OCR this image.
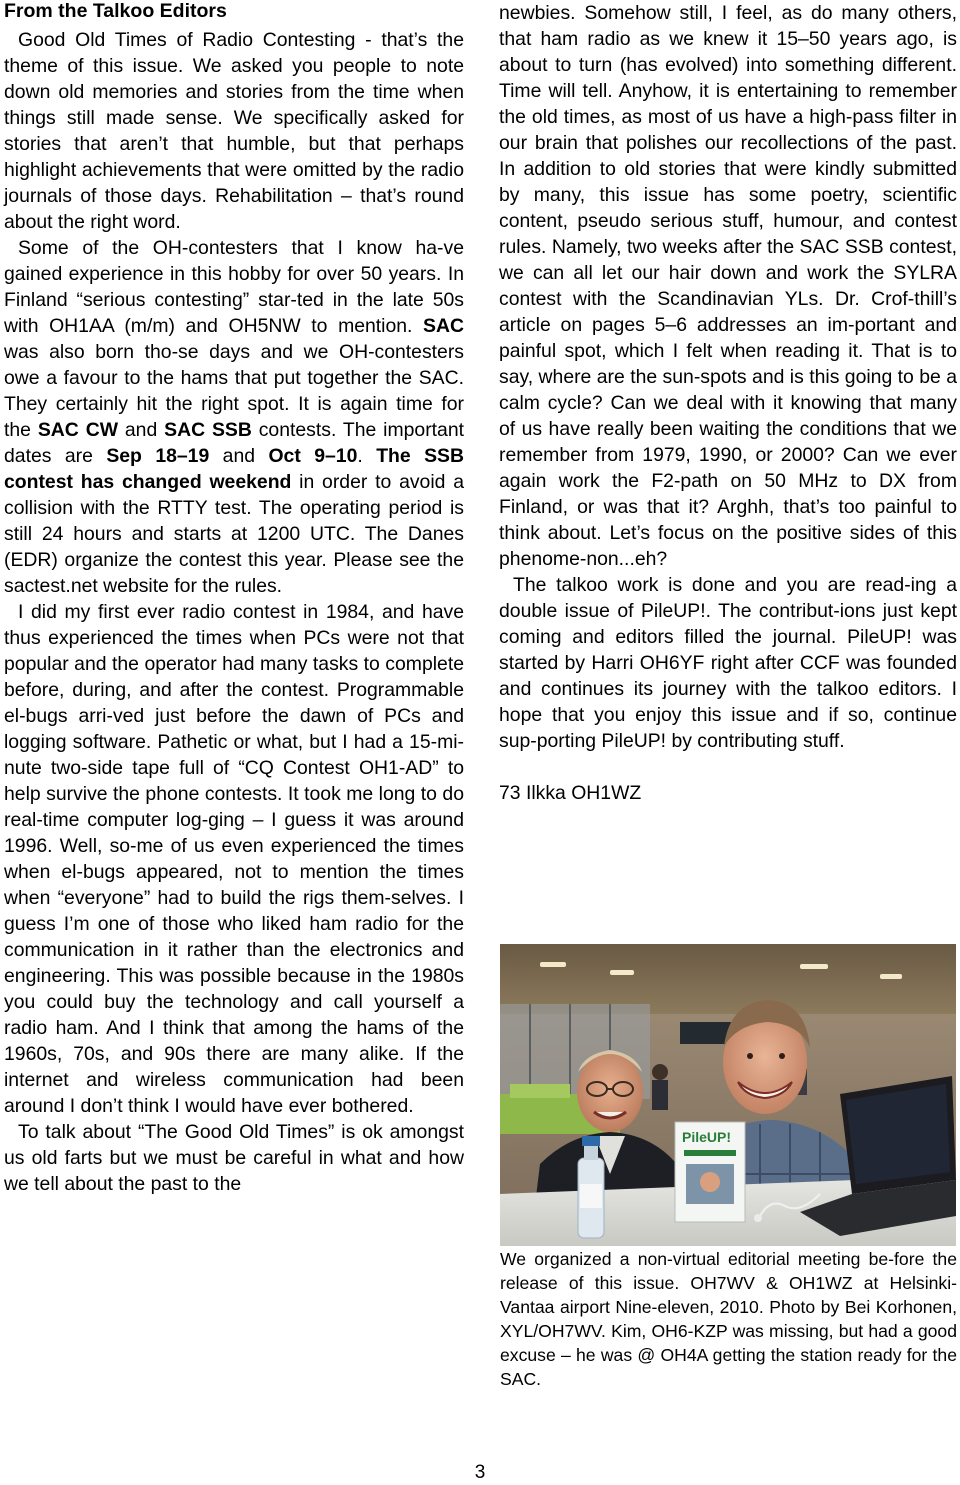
From the Talkoo Editors

Good Old Times of Radio Contesting - that’s the theme of this issue. We asked you people to note down old memories and stories from the time when things still made sense. We specifically asked for stories that aren’t that humble, but that perhaps highlight achievements that were omitted by the radio journals of those days. Rehabilitation – that’s round about the right word.

Some of the OH-contesters that I know ha-ve gained experience in this hobby for over 50 years. In Finland “serious contesting” star-ted in the late 50s with OH1AA (m/m) and OH5NW to mention. SAC was also born tho-se days and we OH-contesters owe a favour to the hams that put together the SAC. They certainly hit the right spot. It is again time for the SAC CW and SAC SSB contests. The important dates are Sep 18–19 and Oct 9–10. The SSB contest has changed weekend in order to avoid a collision with the RTTY test. The operating period is still 24 hours and starts at 1200 UTC. The Danes (EDR) organize the contest this year. Please see the sactest.net website for the rules.

I did my first ever radio contest in 1984, and have thus experienced the times when PCs were not that popular and the operator had many tasks to complete before, during, and after the contest. Programmable el-bugs arri-ved just before the dawn of PCs and logging software. Pathetic or what, but I had a 15-mi-nute two-side tape full of “CQ Contest OH1-AD” to help survive the phone contests. It took me long to do real-time computer log-ging – I guess it was around 1996. Well, so-me of us even experienced the times when el-bugs appeared, not to mention the times when “everyone” had to build the rigs them-selves. I guess I’m one of those who liked ham radio for the communication in it rather than the electronics and engineering. This was possible because in the 1980s you could buy the technology and call yourself a radio ham. And I think that among the hams of the 1960s, 70s, and 90s there are many alike. If the internet and wireless communication had been around I don’t think I would have ever bothered.

To talk about “The Good Old Times” is ok amongst us old farts but we must be careful in what and how we tell about the past to the

newbies. Somehow still, I feel, as do many others, that ham radio as we knew it 15–50 years ago, is about to turn (has evolved) into something different. Time will tell. Anyhow, it is entertaining to remember the old times, as most of us have a high-pass filter in our brain that polishes our recollections of the past. In addition to old stories that were kindly submitted by many, this issue has some poetry, scientific content, pseudo serious stuff, humour, and contest rules. Namely, two weeks after the SAC SSB contest, we can all let our hair down and work the SYLRA contest with the Scandinavian YLs. Dr. Crof-thill’s article on pages 5–6 addresses an im-portant and painful spot, which I felt when reading it. That is to say, where are the sun-spots and is this going to be a calm cycle? Can we deal with it knowing that many of us have really been waiting the conditions that we remember from 1979, 1990, or 2000? Can we ever again work the F2-path on 50 MHz to DX from Finland, or was that it? Arghh, that’s too painful to think about. Let’s focus on the positive sides of this phenome-non...eh?

The talkoo work is done and you are read-ing a double issue of PileUP!. The contribut-ions just kept coming and editors filled the journal. PileUP! was started by Harri OH6YF right after CCF was founded and continues its journey with the talkoo editors. I hope that you enjoy this issue and if so, continue sup-porting PileUP! by contributing stuff.

73 Ilkka OH1WZ

PileUP!

We organized a non-virtual editorial meeting be-fore the release of this issue. OH7WV & OH1WZ at Helsinki-Vantaa airport Nine-eleven, 2010. Photo by Bei Korhonen, XYL/OH7WV. Kim, OH6-KZP was missing, but had a good excuse – he was @ OH4A getting the station ready for the SAC.

3
